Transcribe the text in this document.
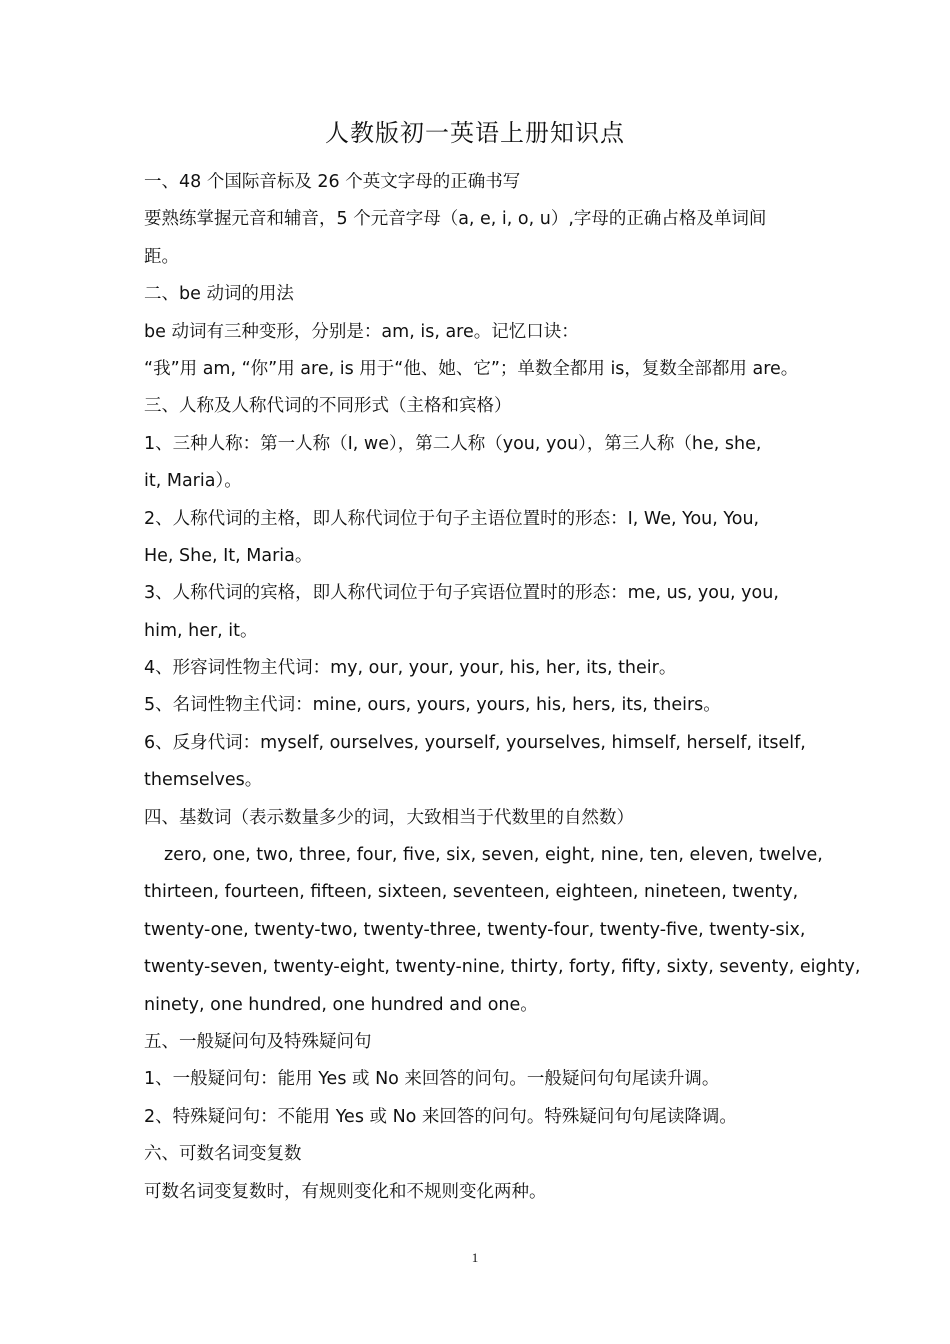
人教版初一英语上册知识点
一、48 个国际音标及 26 个英文字母的正确书写
要熟练掌握元音和辅音，5 个元音字母（a, e, i, o, u）,字母的正确占格及单词间
距。
二、be 动词的用法
be 动词有三种变形，分别是：am, is, are。记忆口诀：
“我”用 am, “你”用 are, is 用于“他、她、它”；单数全都用 is，复数全部都用 are。
三、人称及人称代词的不同形式（主格和宾格）
1、三种人称：第一人称（I, we），第二人称（you, you），第三人称（he, she,
it, Maria）。
2、人称代词的主格，即人称代词位于句子主语位置时的形态：I, We, You, You,
He, She, It, Maria。
3、人称代词的宾格，即人称代词位于句子宾语位置时的形态：me, us, you, you,
him, her, it。
4、形容词性物主代词：my, our, your, your, his, her, its, their。
5、名词性物主代词：mine, ours, yours, yours, his, hers, its, theirs。
6、反身代词：myself, ourselves, yourself, yourselves, himself, herself, itself,
themselves。
四、基数词（表示数量多少的词，大致相当于代数里的自然数）
zero, one, two, three, four, five, six, seven, eight, nine, ten, eleven, twelve,
thirteen, fourteen, fifteen, sixteen, seventeen, eighteen, nineteen, twenty,
twenty-one, twenty-two, twenty-three, twenty-four, twenty-five, twenty-six,
twenty-seven, twenty-eight, twenty-nine, thirty, forty, fifty, sixty, seventy, eighty,
ninety, one hundred, one hundred and one。
五、一般疑问句及特殊疑问句
1、一般疑问句：能用 Yes 或 No 来回答的问句。一般疑问句句尾读升调。
2、特殊疑问句：不能用 Yes 或 No 来回答的问句。特殊疑问句句尾读降调。
六、可数名词变复数
可数名词变复数时，有规则变化和不规则变化两种。
1
